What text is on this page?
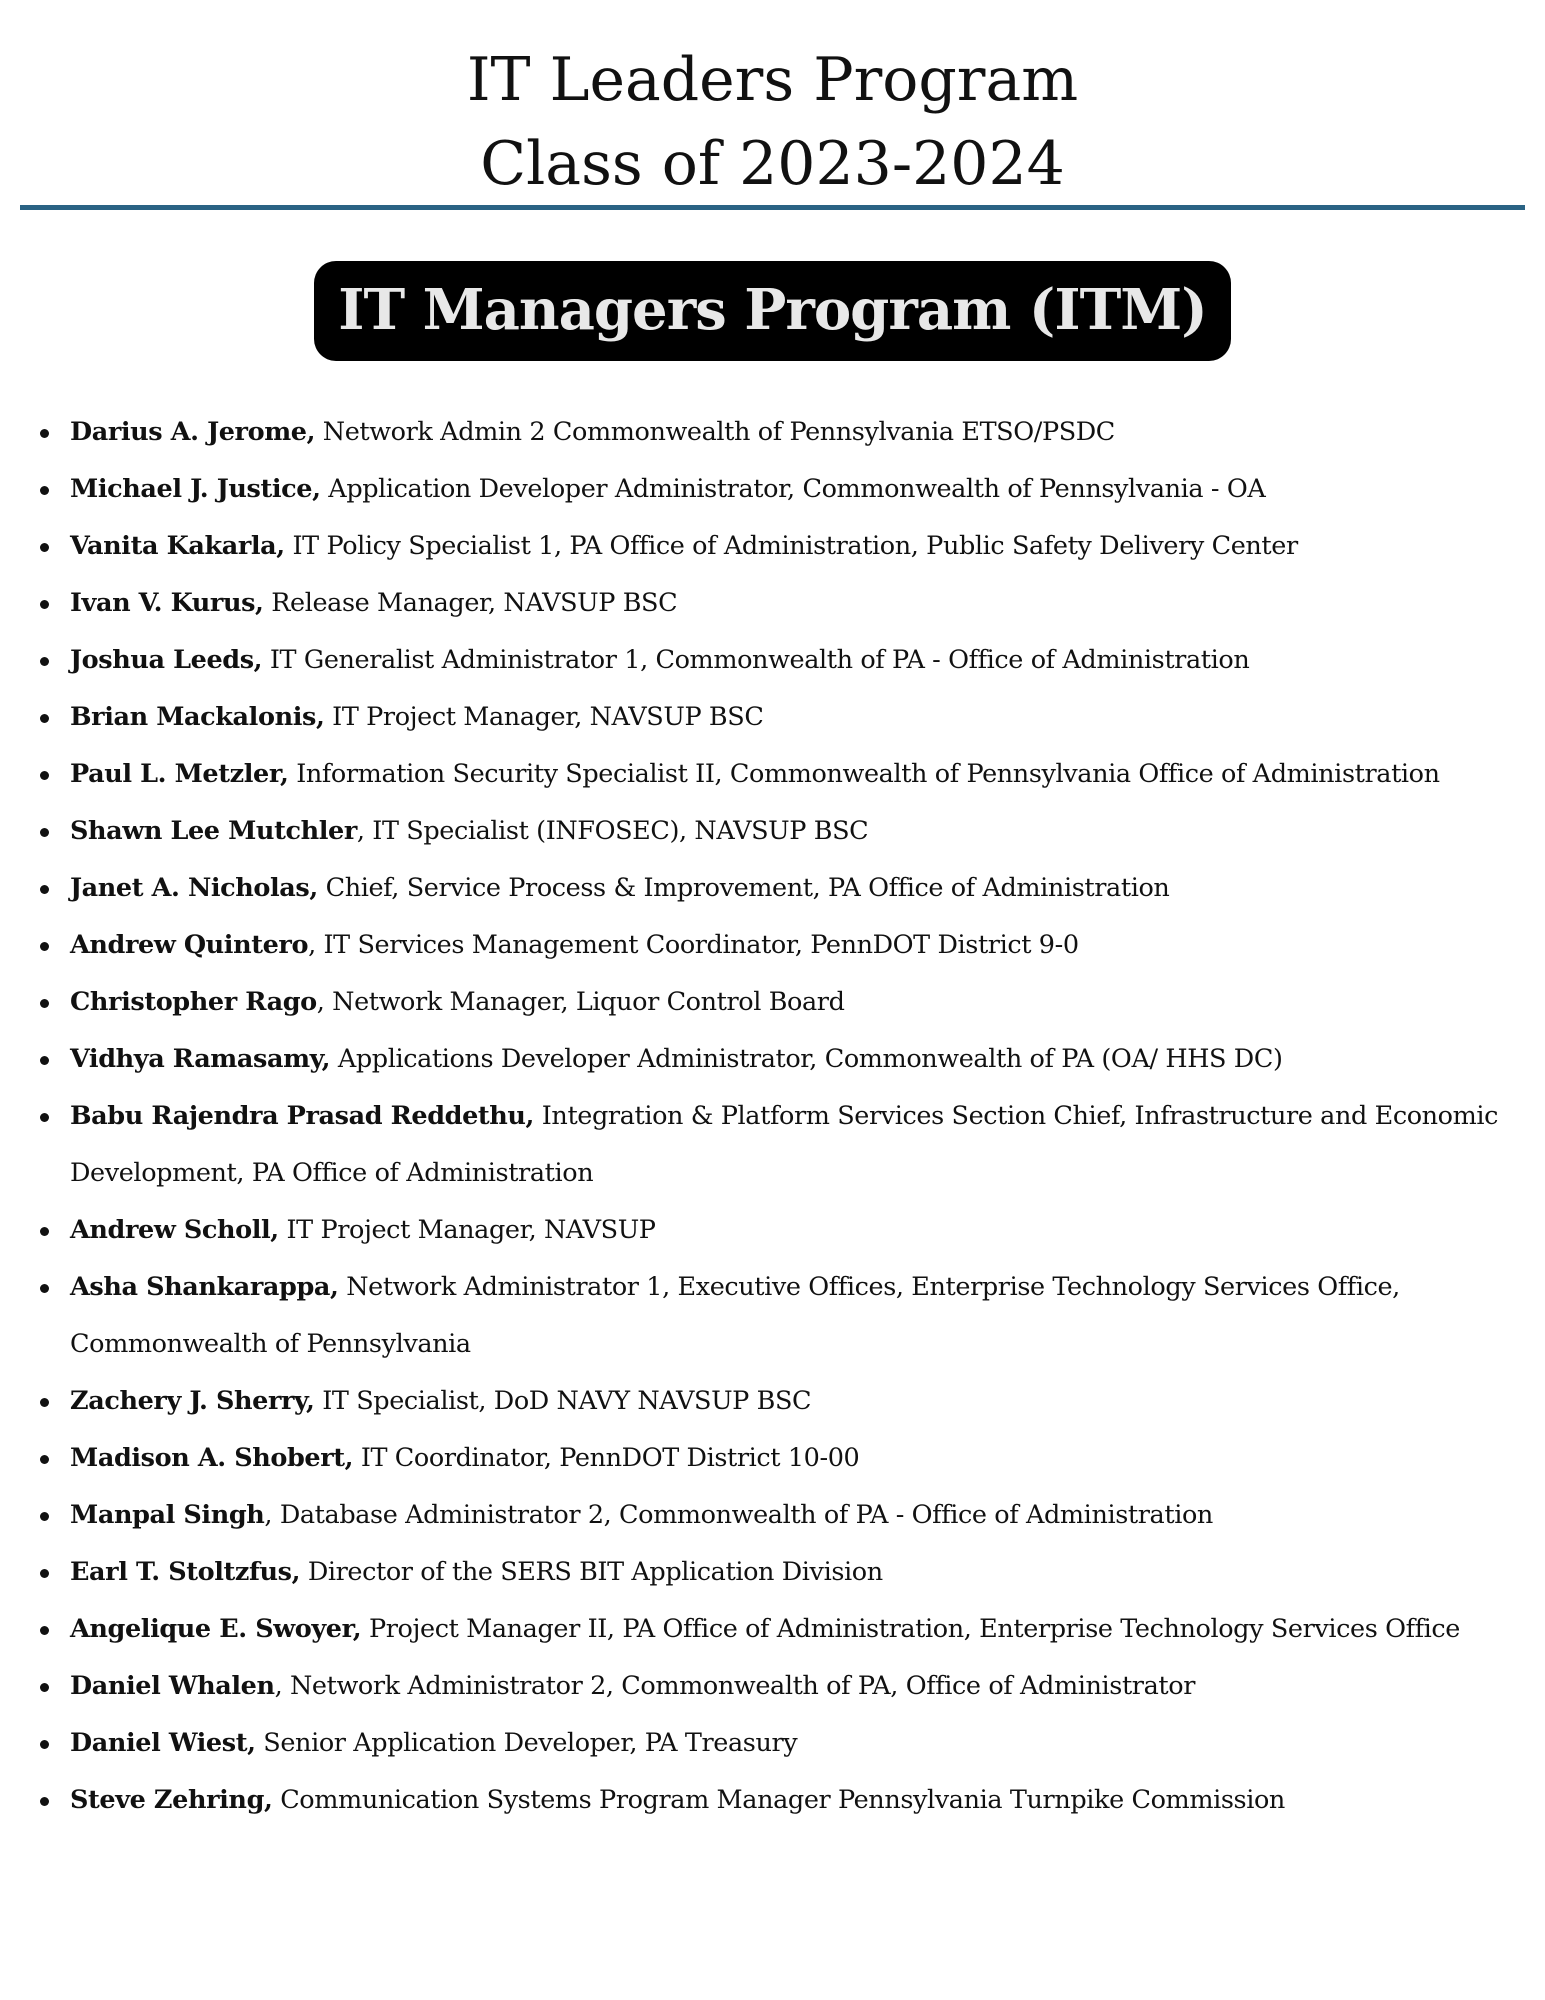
IT Leaders Program
Class of 2023-2024
IT Managers Program (ITM)
Darius A. Jerome, Network Admin 2 Commonwealth of Pennsylvania ETSO/PSDC
Michael J. Justice, Application Developer Administrator, Commonwealth of Pennsylvania - OA
Vanita Kakarla, IT Policy Specialist 1, PA Office of Administration, Public Safety Delivery Center
Ivan V. Kurus, Release Manager, NAVSUP BSC
Joshua Leeds, IT Generalist Administrator 1, Commonwealth of PA - Office of Administration
Brian Mackalonis, IT Project Manager, NAVSUP BSC
Paul L. Metzler, Information Security Specialist II, Commonwealth of Pennsylvania Office of Administration
Shawn Lee Mutchler, IT Specialist (INFOSEC), NAVSUP BSC
Janet A. Nicholas, Chief, Service Process & Improvement, PA Office of Administration
Andrew Quintero, IT Services Management Coordinator, PennDOT District 9-0
Christopher Rago, Network Manager, Liquor Control Board
Vidhya Ramasamy, Applications Developer Administrator, Commonwealth of PA (OA/ HHS DC)
Babu Rajendra Prasad Reddethu, Integration & Platform Services Section Chief, Infrastructure and Economic Development, PA Office of Administration
Andrew Scholl, IT Project Manager, NAVSUP
Asha Shankarappa, Network Administrator 1, Executive Offices, Enterprise Technology Services Office, Commonwealth of Pennsylvania
Zachery J. Sherry, IT Specialist, DoD NAVY NAVSUP BSC
Madison A. Shobert, IT Coordinator, PennDOT District 10-00
Manpal Singh, Database Administrator 2, Commonwealth of PA - Office of Administration
Earl T. Stoltzfus, Director of the SERS BIT Application Division
Angelique E. Swoyer, Project Manager II, PA Office of Administration, Enterprise Technology Services Office
Daniel Whalen, Network Administrator 2, Commonwealth of PA, Office of Administrator
Daniel Wiest, Senior Application Developer, PA Treasury
Steve Zehring, Communication Systems Program Manager Pennsylvania Turnpike Commission
